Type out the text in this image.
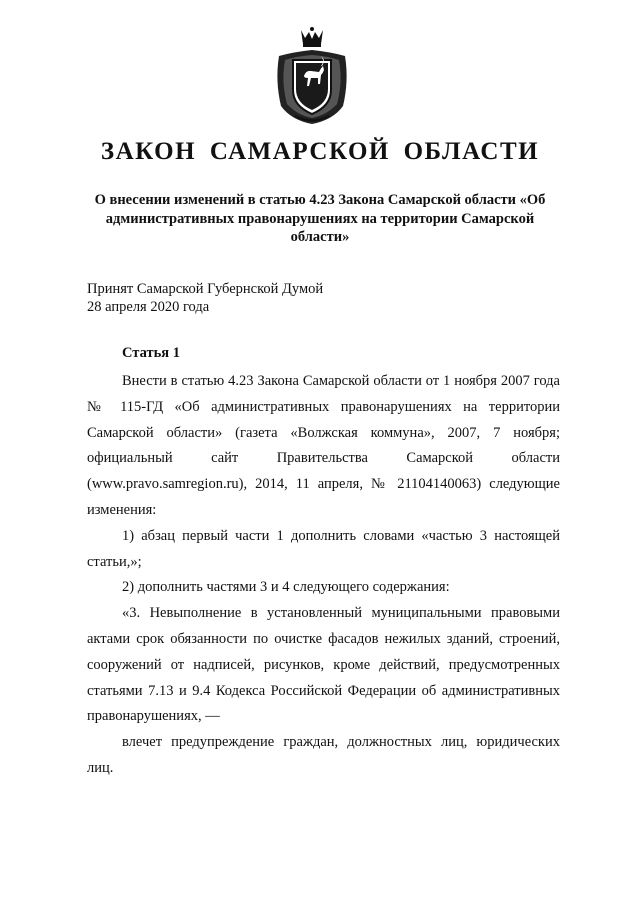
ЗАКОН САМАРСКОЙ ОБЛАСТИ
О внесении изменений в статью 4.23 Закона Самарской области «Об административных правонарушениях на территории Самарской области»
Принят Самарской Губернской Думой
28 апреля 2020 года
Статья 1

Внести в статью 4.23 Закона Самарской области от 1 ноября 2007 года № 115-ГД «Об административных правонарушениях на территории Самарской области» (газета «Волжская коммуна», 2007, 7 ноября; официальный сайт Правительства Самарской области (www.pravo.samregion.ru), 2014, 11 апреля, № 21104140063) следующие изменения:

1) абзац первый части 1 дополнить словами «частью 3 настоящей статьи,»;

2) дополнить частями 3 и 4 следующего содержания:

«3. Невыполнение в установленный муниципальными правовыми актами срок обязанности по очистке фасадов нежилых зданий, строений, сооружений от надписей, рисунков, кроме действий, предусмотренных статьями 7.13 и 9.4 Кодекса Российской Федерации об административных правонарушениях, —

влечет предупреждение граждан, должностных лиц, юридических лиц.
